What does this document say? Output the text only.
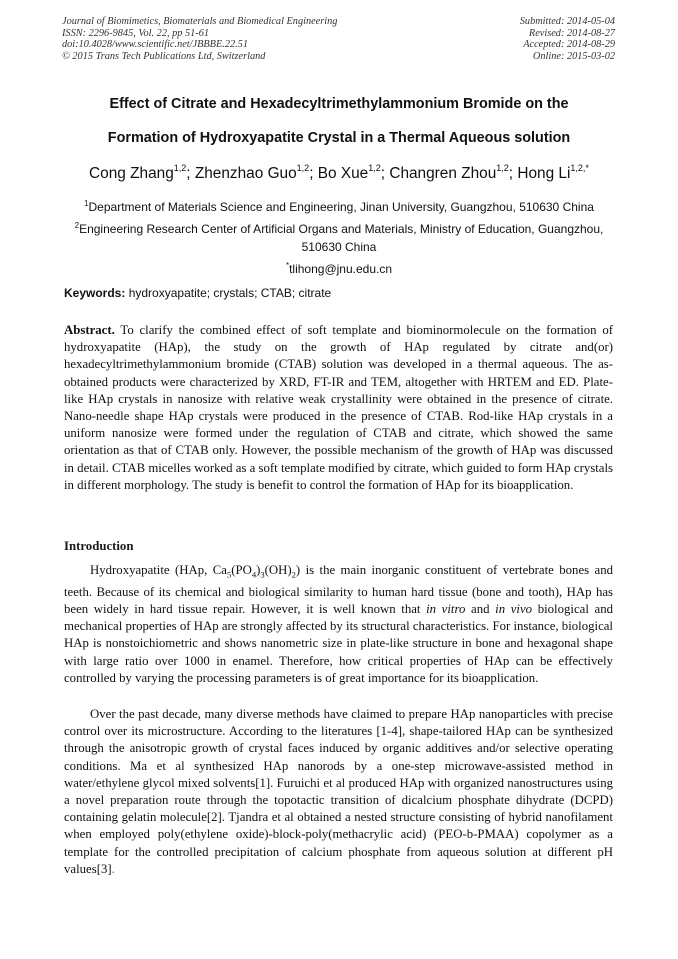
Journal of Biomimetics, Biomaterials and Biomedical Engineering
ISSN: 2296-9845, Vol. 22, pp 51-61
doi:10.4028/www.scientific.net/JBBBE.22.51
© 2015 Trans Tech Publications Ltd, Switzerland
Submitted: 2014-05-04
Revised: 2014-08-27
Accepted: 2014-08-29
Online: 2015-03-02
Effect of Citrate and Hexadecyltrimethylammonium Bromide on the
Formation of Hydroxyapatite Crystal in a Thermal Aqueous solution
Cong Zhang$^{1,2}$; Zhenzhao Guo$^{1,2}$; Bo Xue$^{1,2}$; Changren Zhou$^{1,2}$; Hong $Li^{1,2,*}$
$^1$Department of Materials Science and Engineering, Jinan University, Guangzhou, 510630 China
$^2$Engineering Research Center of Artificial Organs and Materials, Ministry of Education, Guangzhou, 510630 China
*tlihong@jnu.edu.cn
Keywords: hydroxyapatite; crystals; CTAB; citrate
Abstract. To clarify the combined effect of soft template and biominormolecule on the formation of hydroxyapatite (HAp), the study on the growth of HAp regulated by citrate and(or) hexadecyltrimethylammonium bromide (CTAB) solution was developed in a thermal aqueous. The as-obtained products were characterized by XRD, FT-IR and TEM, altogether with HRTEM and ED. Plate-like HAp crystals in nanosize with relative weak crystallinity were obtained in the presence of citrate. Nano-needle shape HAp crystals were produced in the presence of CTAB. Rod-like HAp crystals in a uniform nanosize were formed under the regulation of CTAB and citrate, which showed the same orientation as that of CTAB only. However, the possible mechanism of the growth of HAp was discussed in detail. CTAB micelles worked as a soft template modified by citrate, which guided to form HAp crystals in different morphology. The study is benefit to control the formation of HAp for its bioapplication.
Introduction
Hydroxyapatite (HAp, $Ca_5(PO_4)_3(OH)_2$) is the main inorganic constituent of vertebrate bones and teeth. Because of its chemical and biological similarity to human hard tissue (bone and tooth), HAp has been widely in hard tissue repair. However, it is well known that in vitro and in vivo biological and mechanical properties of HAp are strongly affected by its structural characteristics. For instance, biological HAp is nonstoichiometric and shows nanometric size in plate-like structure in bone and hexagonal shape with large ratio over 1000 in enamel. Therefore, how critical properties of HAp can be effectively controlled by varying the processing parameters is of great importance for its bioapplication.
Over the past decade, many diverse methods have claimed to prepare HAp nanoparticles with precise control over its microstructure. According to the literatures [1-4], shape-tailored HAp can be synthesized through the anisotropic growth of crystal faces induced by organic additives and/or selective operating conditions. Ma et al synthesized HAp nanorods by a one-step microwave-assisted method in water/ethylene glycol mixed solvents[1]. Furuichi et al produced HAp with organized nanostructures using a novel preparation route through the topotactic transition of dicalcium phosphate dihydrate (DCPD) containing gelatin molecule[2]. Tjandra et al obtained a nested structure consisting of hybrid nanofilament when employed poly(ethylene oxide)-block-poly(methacrylic acid) (PEO-b-PMAA) copolymer as a template for the controlled precipitation of calcium phosphate from aqueous solution at different pH values[3].
